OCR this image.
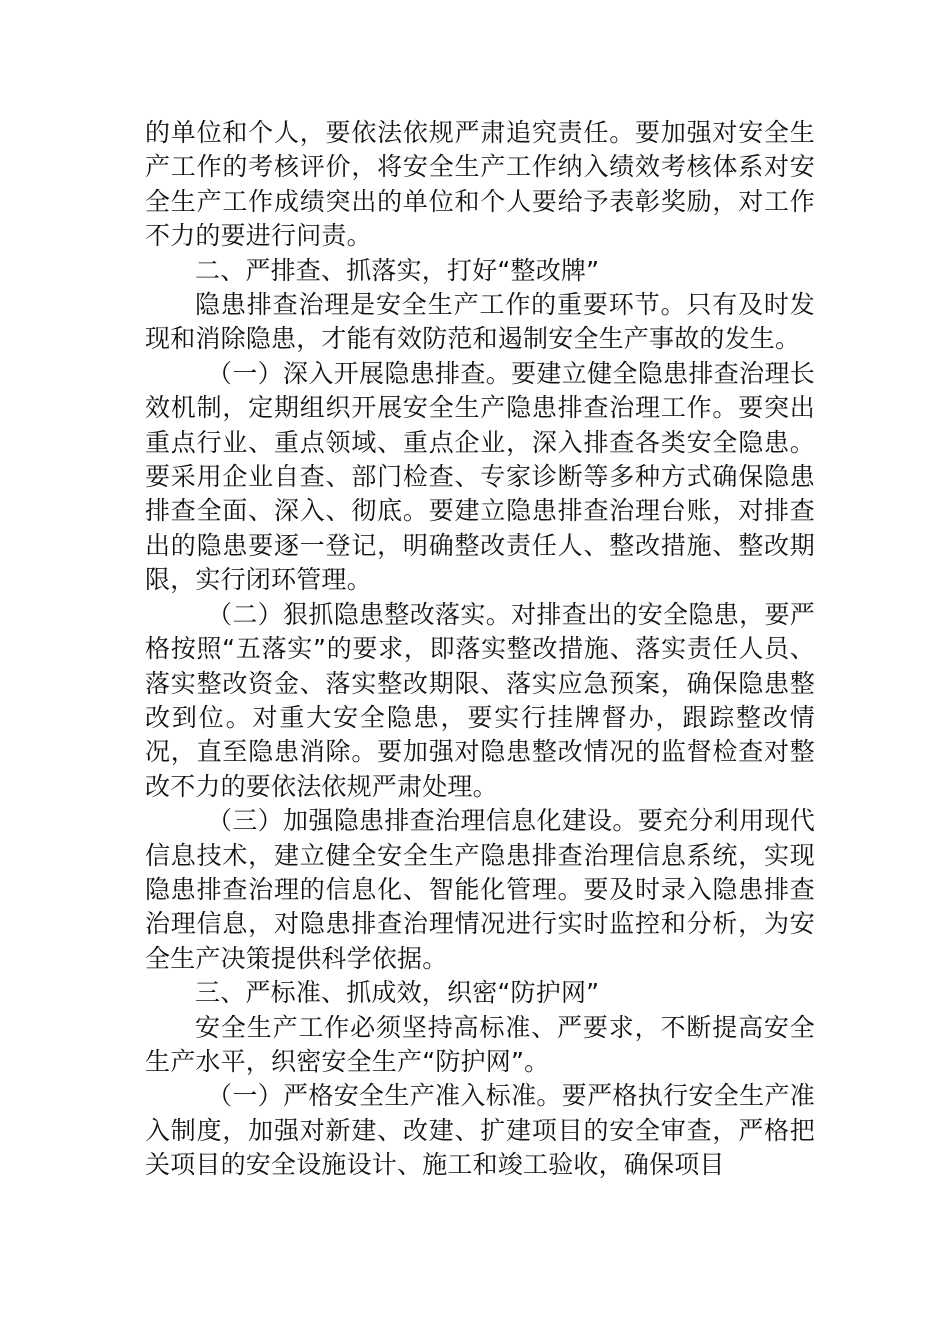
的单位和个人，要依法依规严肃追究责任。要加强对安全生产工作的考核评价，将安全生产工作纳入绩效考核体系对安全生产工作成绩突出的单位和个人要给予表彰奖励，对工作不力的要进行问责。

二、严排查、抓落实，打好“整改牌”

隐患排查治理是安全生产工作的重要环节。只有及时发现和消除隐患，才能有效防范和遏制安全生产事故的发生。

（一）深入开展隐患排查。要建立健全隐患排查治理长效机制，定期组织开展安全生产隐患排查治理工作。要突出重点行业、重点领域、重点企业，深入排查各类安全隐患。要采用企业自查、部门检查、专家诊断等多种方式确保隐患排查全面、深入、彻底。要建立隐患排查治理台账，对排查出的隐患要逐一登记，明确整改责任人、整改措施、整改期限，实行闭环管理。

（二）狠抓隐患整改落实。对排查出的安全隐患，要严格按照“五落实”的要求，即落实整改措施、落实责任人员、落实整改资金、落实整改期限、落实应急预案，确保隐患整改到位。对重大安全隐患，要实行挂牌督办，跟踪整改情况，直至隐患消除。要加强对隐患整改情况的监督检查对整改不力的要依法依规严肃处理。

（三）加强隐患排查治理信息化建设。要充分利用现代信息技术，建立健全安全生产隐患排查治理信息系统，实现隐患排查治理的信息化、智能化管理。要及时录入隐患排查治理信息，对隐患排查治理情况进行实时监控和分析，为安全生产决策提供科学依据。

三、严标准、抓成效，织密“防护网”

安全生产工作必须坚持高标准、严要求，不断提高安全生产水平，织密安全生产“防护网”。

（一）严格安全生产准入标准。要严格执行安全生产准入制度，加强对新建、改建、扩建项目的安全审查，严格把关项目的安全设施设计、施工和竣工验收，确保项目
